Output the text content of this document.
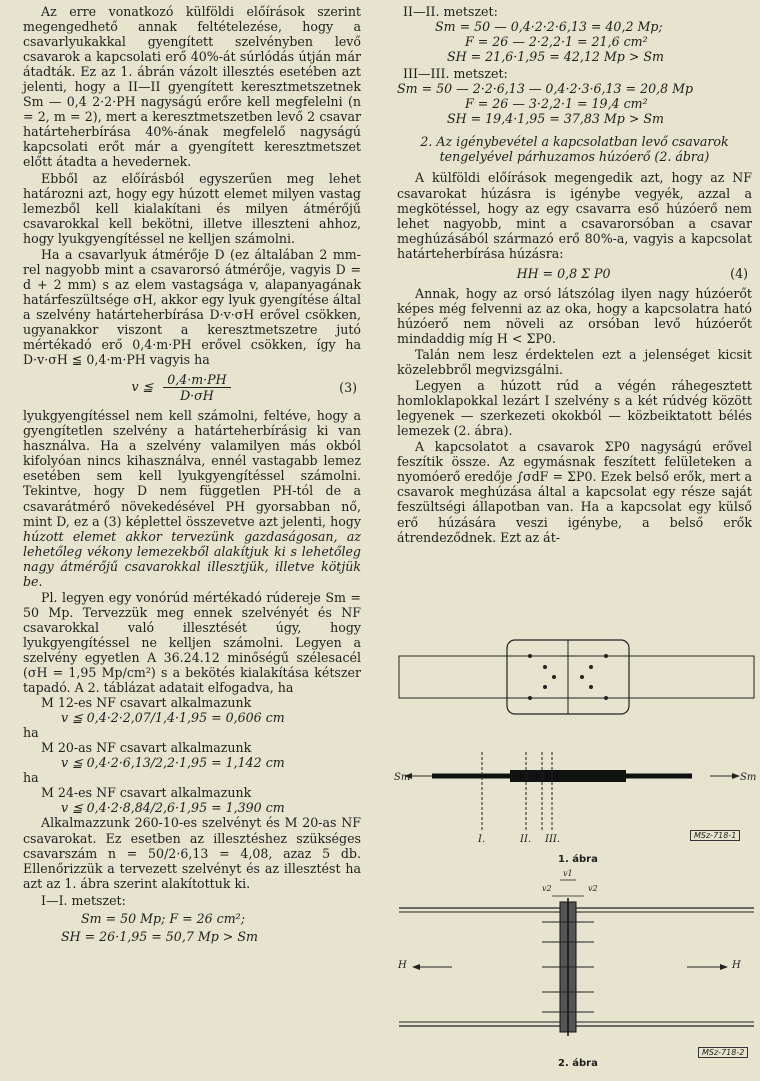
Az erre vonatkozó külföldi előírások szerint megengedhető annak feltételezése, hogy a csavarlyukakkal gyengített szelvényben levő csavarok a kapcsolati erő 40%-át súrlódás útján már átadták. Ez az 1. ábrán vázolt illesztés esetében azt jelenti, hogy a II—II gyengített keresztmetszetnek Sm — 0,4 2·2·PH nagyságú erőre kell megfelelni (n = 2, m = 2), mert a keresztmetszetben levő 2 csavar határteherbírása 40%-ának megfelelő nagyságú kapcsolati erőt már a gyengített keresztmetszet előtt átadta a hevedernek.

Ebből az előírásból egyszerűen meg lehet határozni azt, hogy egy húzott elemet milyen vastag lemezből kell kialakítani és milyen átmérőjű csavarokkal kell bekötni, illetve illeszteni ahhoz, hogy lyukgyengítéssel ne kelljen számolni.

Ha a csavarlyuk átmérője D (ez általában 2 mm-rel nagyobb mint a csavarorsó átmérője, vagyis D = d + 2 mm) s az elem vastagsága v, alapanyagának határfeszültsége σH, akkor egy lyuk gyengítése által a szelvény határteherbírása D·v·σH erővel csökken, ugyanakkor viszont a keresztmetszetre jutó mértékadó erő 0,4·m·PH erővel csökken, így ha D·v·σH ≦ 0,4·m·PH vagyis ha

v ≦ $\frac{0,4\cdot m\cdot PH}{D\cdot\sigma H}$	(3)

lyukgyengítéssel nem kell számolni, feltéve, hogy a gyengítetlen szelvény a határteherbírásig ki van használva. Ha a szelvény valamilyen más okból kifolyóan nincs kihasználva, ennél vastagabb lemez esetében sem kell lyukgyengítéssel számolni. Tekintve, hogy D nem független PH-tól de a csavarátmérő növekedésével PH gyorsabban nő, mint D, ez a (3) képlettel összevetve azt jelenti, hogy húzott elemet akkor tervezünk gazdaságosan, az lehetőleg vékony lemezekből alakítjuk ki s lehetőleg nagy átmérőjű csavarokkal illesztjük, illetve kötjük be.

Pl. legyen egy vonórúd mértékadó rúdereje Sm = 50 Mp. Tervezzük meg ennek szelvényét és NF csavarokkal való illesztését úgy, hogy lyukgyengítéssel ne kelljen számolni. Legyen a szelvény egyetlen A 36.24.12 minőségű szélesacél (σH = 1,95 Mp/cm²) s a bekötés kialakítása kétszer tapadó. A 2. táblázat adatait elfogadva, ha

M 12-es NF csavart alkalmazunk
v ≦ 0,4·2·2,07/1,4·1,95 = 0,606 cm
ha
M 20-as NF csavart alkalmazunk
v ≦ 0,4·2·6,13/2,2·1,95 = 1,142 cm
ha
M 24-es NF csavart alkalmazunk
v ≦ 0,4·2·8,84/2,6·1,95 = 1,390 cm

Alkalmazzunk 260-10-es szelvényt és M 20-as NF csavarokat. Ez esetben az illesztéshez szükséges csavarszám n = 50/2·6,13 = 4,08, azaz 5 db. Ellenőrizzük a tervezett szelvényt és az illesztést ha azt az 1. ábra szerint alakítottuk ki.

I—I. metszet:
Sm = 50 Mp; F = 26 cm²;
SH = 26·1,95 = 50,7 Mp > Sm
II—II. metszet:
Sm = 50 — 0,4·2·2·6,13 = 40,2 Mp;
F = 26 — 2·2,2·1 = 21,6 cm²
SH = 21,6·1,95 = 42,12 Mp > Sm
III—III. metszet:
Sm = 50 — 2·2·6,13 — 0,4·2·3·6,13 = 20,8 Mp
F = 26 — 3·2,2·1 = 19,4 cm²
SH = 19,4·1,95 = 37,83 Mp > Sm

2. Az igénybevétel a kapcsolatban levő csavarok tengelyével párhuzamos húzóerő (2. ábra)

A külföldi előírások megengedik azt, hogy az NF csavarokat húzásra is igénybe vegyék, azzal a megkötéssel, hogy az egy csavarra eső húzóerő nem lehet nagyobb, mint a csavarorsóban a csavar meghúzásából származó erő 80%-a, vagyis a kapcsolat határteherbírása húzásra:

HH = 0,8 Σ P0	(4)

Annak, hogy az orsó látszólag ilyen nagy húzóerőt képes még felvenni az az oka, hogy a kapcsolatra ható húzóerő nem növeli az orsóban levő húzóerőt mindaddig míg H < ΣP0.

Talán nem lesz érdektelen ezt a jelenséget kicsit közelebbről megvizsgálni.

Legyen a húzott rúd a végén ráhegesztett homloklapokkal lezárt I szelvény s a két rúdvég között legyenek — szerkezeti okokból — közbeiktatott bélés lemezek (2. ábra).

A kapcsolatot a csavarok ΣP0 nagyságú erővel feszítik össze. Az egymásnak feszített felületeken a nyomóerő eredője ∫σdF = ΣP0. Ezek belső erők, mert a csavarok meghúzása által a kapcsolat egy része saját feszültségi állapotban van. Ha a kapcsolat egy külső erő húzására veszi igénybe, a belső erők átrendeződnek. Ezt az át-

Sm	Sm
I.	II. III.	MSz-718-1
1. ábra
H	H
v2
v1
v2
MSz-718-2
2. ábra
